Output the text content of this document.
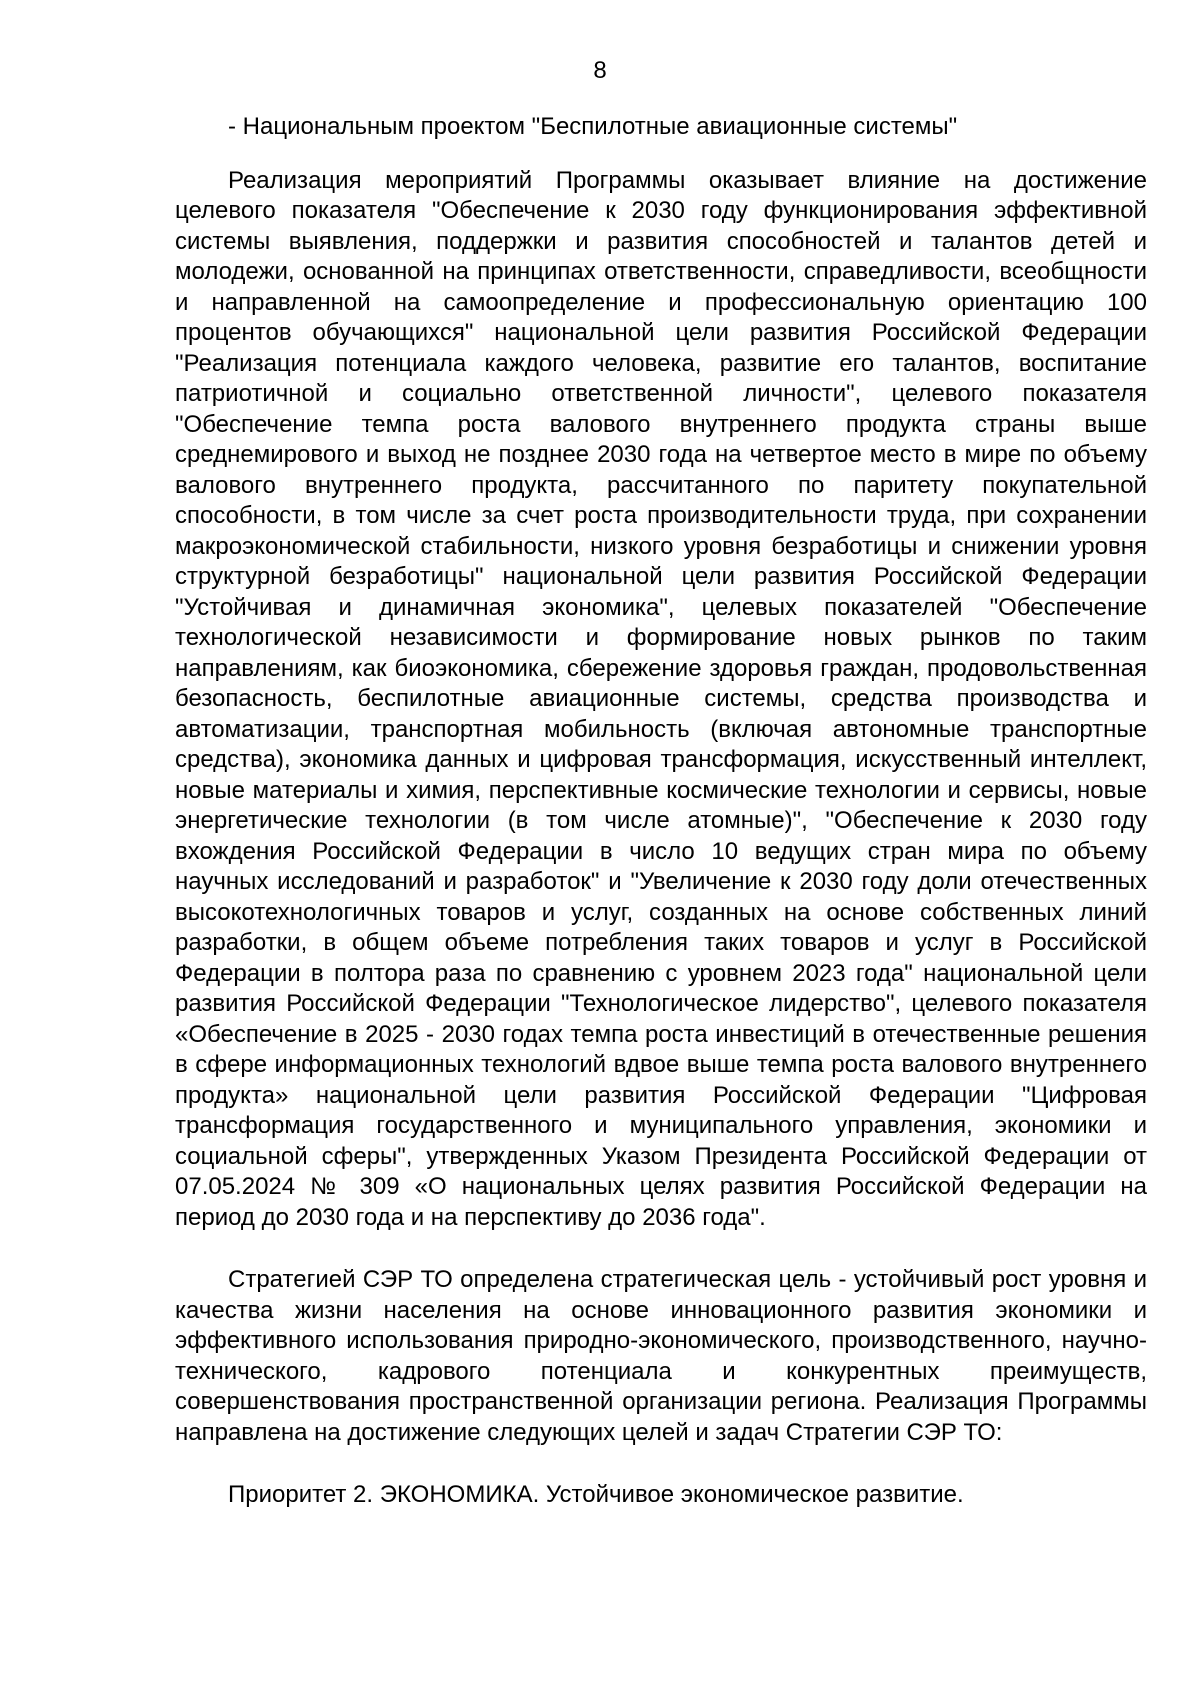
8

- Национальным проектом "Беспилотные авиационные системы"

Реализация мероприятий Программы оказывает влияние на достижение целевого показателя "Обеспечение к 2030 году функционирования эффективной системы выявления, поддержки и развития способностей и талантов детей и молодежи, основанной на принципах ответственности, справедливости, всеобщности и направленной на самоопределение и профессиональную ориентацию 100 процентов обучающихся" национальной цели развития Российской Федерации "Реализация потенциала каждого человека, развитие его талантов, воспитание патриотичной и социально ответственной личности", целевого показателя "Обеспечение темпа роста валового внутреннего продукта страны выше среднемирового и выход не позднее 2030 года на четвертое место в мире по объему валового внутреннего продукта, рассчитанного по паритету покупательной способности, в том числе за счет роста производительности труда, при сохранении макроэкономической стабильности, низкого уровня безработицы и снижении уровня структурной безработицы" национальной цели развития Российской Федерации "Устойчивая и динамичная экономика", целевых показателей "Обеспечение технологической независимости и формирование новых рынков по таким направлениям, как биоэкономика, сбережение здоровья граждан, продовольственная безопасность, беспилотные авиационные системы, средства производства и автоматизации, транспортная мобильность (включая автономные транспортные средства), экономика данных и цифровая трансформация, искусственный интеллект, новые материалы и химия, перспективные космические технологии и сервисы, новые энергетические технологии (в том числе атомные)", "Обеспечение к 2030 году вхождения Российской Федерации в число 10 ведущих стран мира по объему научных исследований и разработок" и "Увеличение к 2030 году доли отечественных высокотехнологичных товаров и услуг, созданных на основе собственных линий разработки, в общем объеме потребления таких товаров и услуг в Российской Федерации в полтора раза по сравнению с уровнем 2023 года" национальной цели развития Российской Федерации "Технологическое лидерство", целевого показателя «Обеспечение в 2025 - 2030 годах темпа роста инвестиций в отечественные решения в сфере информационных технологий вдвое выше темпа роста валового внутреннего продукта» национальной цели развития Российской Федерации "Цифровая трансформация государственного и муниципального управления, экономики и социальной сферы", утвержденных Указом Президента Российской Федерации от 07.05.2024 № 309 «О национальных целях развития Российской Федерации на период до 2030 года и на перспективу до 2036 года".

Стратегией СЭР ТО определена стратегическая цель - устойчивый рост уровня и качества жизни населения на основе инновационного развития экономики и эффективного использования природно-экономического, производственного, научно-технического, кадрового потенциала и конкурентных преимуществ, совершенствования пространственной организации региона. Реализация Программы направлена на достижение следующих целей и задач Стратегии СЭР ТО:

Приоритет 2. ЭКОНОМИКА. Устойчивое экономическое развитие.
